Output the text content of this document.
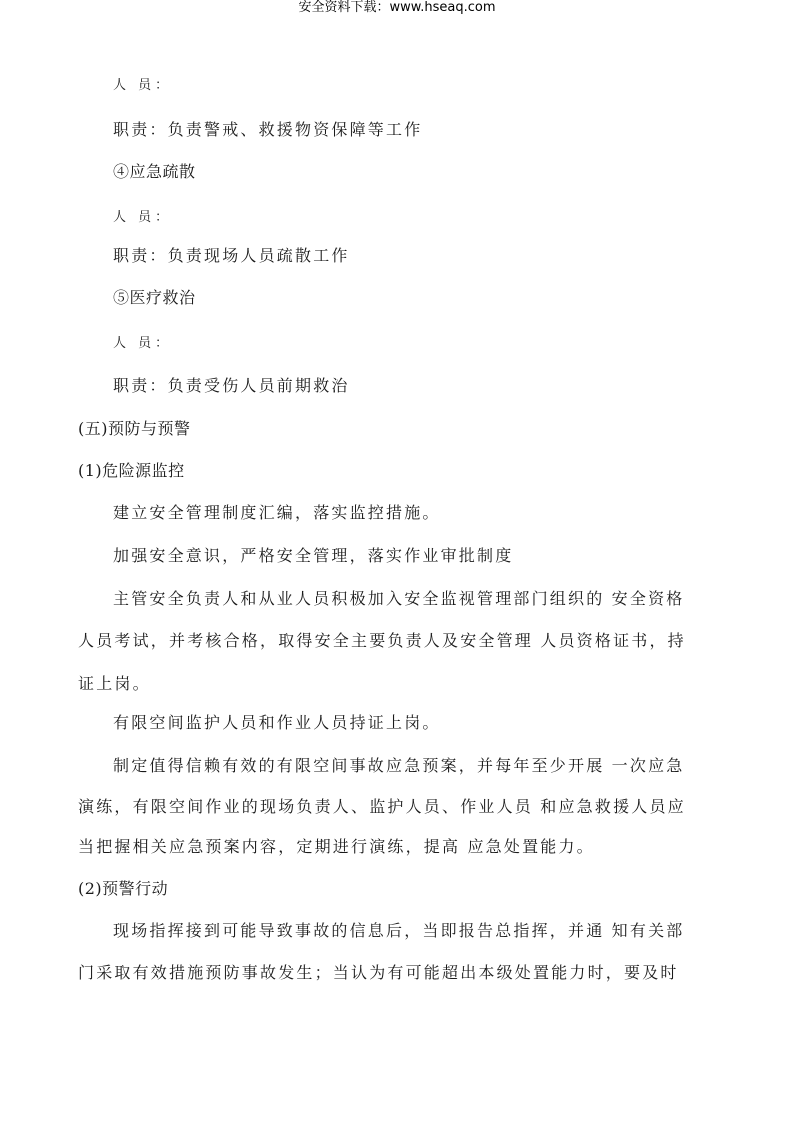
安全资料下载：www.hseaq.com
人 员：
职责：负责警戒、救援物资保障等工作
④应急疏散
人 员：
职责：负责现场人员疏散工作
⑤医疗救治
人 员：
职责：负责受伤人员前期救治
(五)预防与预警
(1)危险源监控
建立安全管理制度汇编，落实监控措施。
加强安全意识，严格安全管理，落实作业审批制度
主管安全负责人和从业人员积极加入安全监视管理部门组织的 安全资格
人员考试，并考核合格，取得安全主要负责人及安全管理 人员资格证书，持
证上岗。
有限空间监护人员和作业人员持证上岗。
制定值得信赖有效的有限空间事故应急预案，并每年至少开展 一次应急
演练，有限空间作业的现场负责人、监护人员、作业人员 和应急救援人员应
当把握相关应急预案内容，定期进行演练，提高 应急处置能力。
(2)预警行动
现场指挥接到可能导致事故的信息后，当即报告总指挥，并通 知有关部
门采取有效措施预防事故发生；当认为有可能超出本级处置能力时，要及时
